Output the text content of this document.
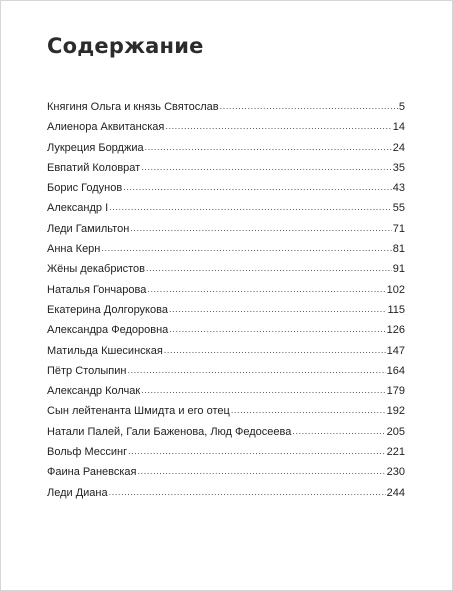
Содержание
Княгиня Ольга и князь Святослав .....	5
Алиенора Аквитанская .....	14
Лукреция Борджиа .....	24
Евпатий Коловрат .....	35
Борис Годунов .....	43
Александр I .....	55
Леди Гамильтон .....	71
Анна Керн .....	81
Жёны декабристов .....	91
Наталья Гончарова .....	102
Екатерина Долгорукова .....	115
Александра Федоровна .....	126
Матильда Кшесинская .....	147
Пётр Столыпин .....	164
Александр Колчак .....	179
Сын лейтенанта Шмидта и его отец .....	192
Натали Палей, Гали Баженова, Люд Федосеева .....	205
Вольф Мессинг .....	221
Фаина Раневская .....	230
Леди Диана .....	244
